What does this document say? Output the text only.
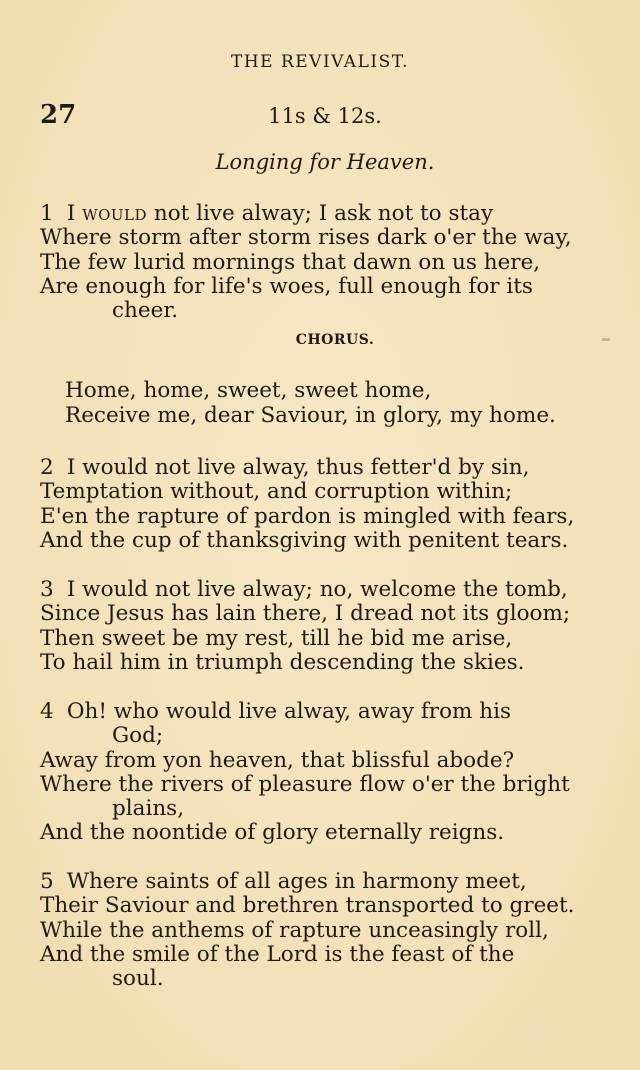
THE REVIVALIST.
27	11s & 12s.
Longing for Heaven.
1 I would not live alway; I ask not to stay
Where storm after storm rises dark o'er the way,
The few lurid mornings that dawn on us here,
Are enough for life's woes, full enough for its
cheer.
CHORUS.
Home, home, sweet, sweet home,
Receive me, dear Saviour, in glory, my home.
2 I would not live alway, thus fetter'd by sin,
Temptation without, and corruption within;
E'en the rapture of pardon is mingled with fears,
And the cup of thanksgiving with penitent tears.
3 I would not live alway; no, welcome the tomb,
Since Jesus has lain there, I dread not its gloom;
Then sweet be my rest, till he bid me arise,
To hail him in triumph descending the skies.
4 Oh! who would live alway, away from his
God;
Away from yon heaven, that blissful abode?
Where the rivers of pleasure flow o'er the bright
plains,
And the noontide of glory eternally reigns.
5 Where saints of all ages in harmony meet,
Their Saviour and brethren transported to greet.
While the anthems of rapture unceasingly roll,
And the smile of the Lord is the feast of the
soul.
